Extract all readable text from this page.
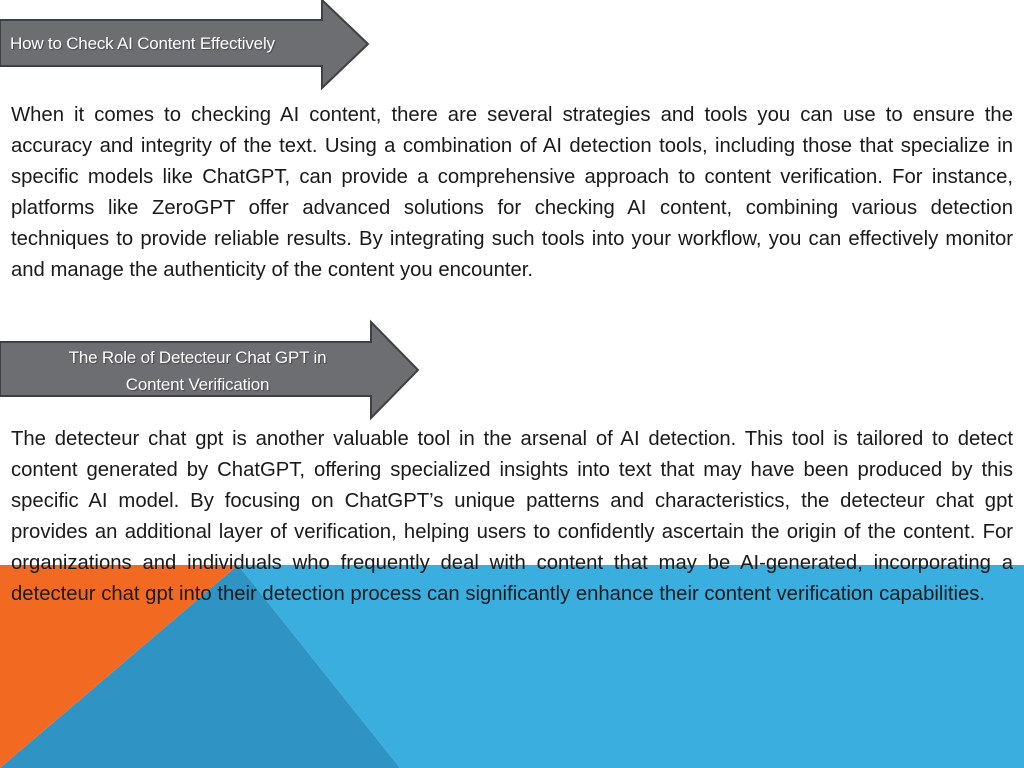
How to Check AI Content Effectively

When it comes to checking AI content, there are several strategies and tools you can use to ensure the accuracy and integrity of the text. Using a combination of AI detection tools, including those that specialize in specific models like ChatGPT, can provide a comprehensive approach to content verification. For instance, platforms like ZeroGPT offer advanced solutions for checking AI content, combining various detection techniques to provide reliable results. By integrating such tools into your workflow, you can effectively monitor and manage the authenticity of the content you encounter.

The Role of Detecteur Chat GPT in
Content Verification

The detecteur chat gpt is another valuable tool in the arsenal of AI detection. This tool is tailored to detect content generated by ChatGPT, offering specialized insights into text that may have been produced by this specific AI model. By focusing on ChatGPT’s unique patterns and characteristics, the detecteur chat gpt provides an additional layer of verification, helping users to confidently ascertain the origin of the content. For organizations and individuals who frequently deal with content that may be AI-generated, incorporating a detecteur chat gpt into their detection process can significantly enhance their content verification capabilities.
